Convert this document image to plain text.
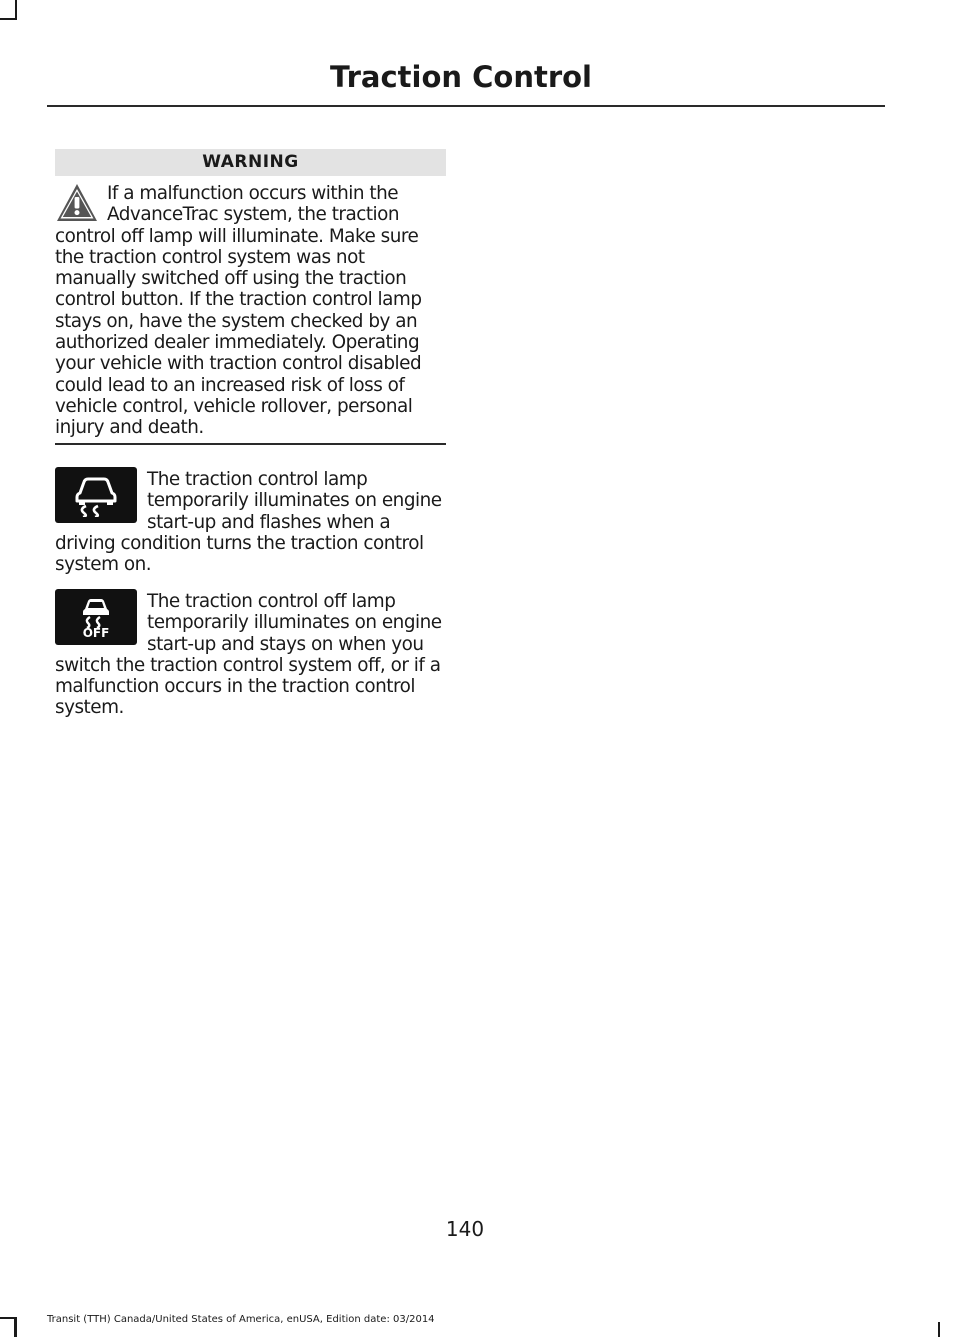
Traction Control
WARNING

If a malfunction occurs within the AdvanceTrac system, the traction control off lamp will illuminate. Make sure the traction control system was not manually switched off using the traction control button. If the traction control lamp stays on, have the system checked by an authorized dealer immediately. Operating your vehicle with traction control disabled could lead to an increased risk of loss of vehicle control, vehicle rollover, personal injury and death.

The traction control lamp temporarily illuminates on engine start-up and flashes when a driving condition turns the traction control system on.

OFF

The traction control off lamp temporarily illuminates on engine start-up and stays on when you switch the traction control system off, or if a malfunction occurs in the traction control system.

140

Transit (TTH) Canada/United States of America, enUSA, Edition date: 03/2014
